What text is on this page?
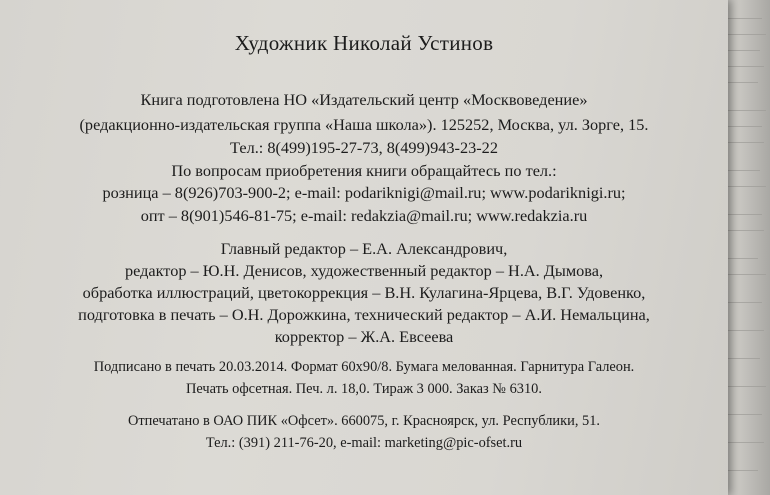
Художник Николай Устинов
Книга подготовлена НО «Издательский центр «Москвоведение»
(редакционно-издательская группа «Наша школа»). 125252, Москва, ул. Зорге, 15.
Тел.: 8(499)195-27-73, 8(499)943-23-22
По вопросам приобретения книги обращайтесь по тел.:
розница – 8(926)703-900-2; e-mail: podariknigi@mail.ru; www.podariknigi.ru;
опт – 8(901)546-81-75; e-mail: redakzia@mail.ru; www.redakzia.ru
Главный редактор – Е.А. Александрович,
редактор – Ю.Н. Денисов, художественный редактор – Н.А. Дымова,
обработка иллюстраций, цветокоррекция – В.Н. Кулагина-Ярцева, В.Г. Удовенко,
подготовка в печать – О.Н. Дорожкина, технический редактор – А.И. Немальцина,
корректор – Ж.А. Евсеева
Подписано в печать 20.03.2014. Формат 60х90/8. Бумага мелованная. Гарнитура Галеон.
Печать офсетная. Печ. л. 18,0. Тираж 3 000. Заказ № 6310.
Отпечатано в ОАО ПИК «Офсет». 660075, г. Красноярск, ул. Республики, 51.
Тел.: (391) 211-76-20, e-mail: marketing@pic-ofset.ru
